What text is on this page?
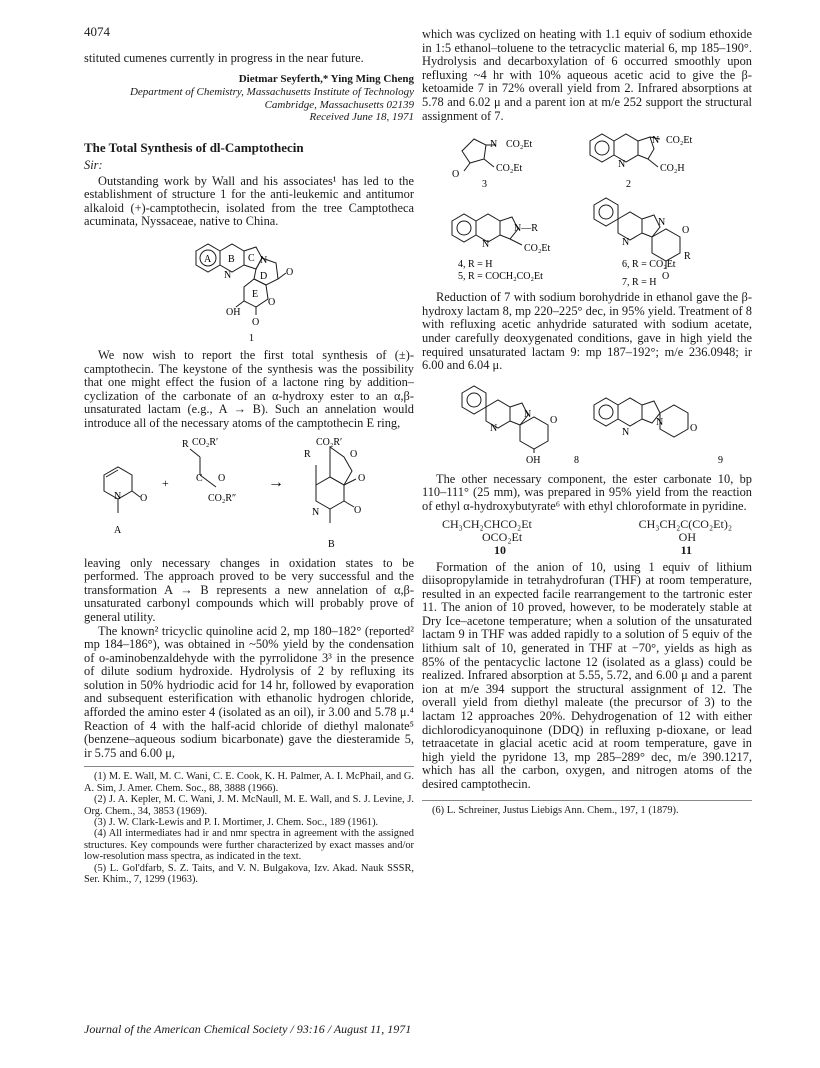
4074

stituted cumenes currently in progress in the near future.

Dietmar Seyferth,* Ying Ming Cheng
Department of Chemistry, Massachusetts Institute of Technology
Cambridge, Massachusetts 02139
Received June 18, 1971
The Total Synthesis of dl-Camptothecin
Sir:

Outstanding work by Wall and his associates¹ has led to the establishment of structure 1 for the anti-leukemic and antitumor alkaloid (+)-camptothecin, isolated from the tree Camptotheca acuminata, Nyssaceae, native to China.

A B C
D
E
N
N
O
O
O
OH
1

We now wish to report the first total synthesis of (±)-camptothecin. The keystone of the synthesis was the possibility that one might effect the fusion of a lactone ring by addition–cyclization of the carbonate of an α-hydroxy ester to an α,β-unsaturated lactam (e.g., A → B). Such an annelation would introduce all of the necessary atoms of the camptothecin E ring,

R CO₂R′
C O
CO₂R″
N O
A
+	→
R
CO₂R′
O
O
O
N
B

leaving only necessary changes in oxidation states to be performed. The approach proved to be very successful and the transformation A → B represents a new annelation of α,β-unsaturated carbonyl compounds which will probably prove of general utility.

The known² tricyclic quinoline acid 2, mp 180–182° (reported² mp 184–186°), was obtained in ~50% yield by the condensation of o-aminobenzaldehyde with the pyrrolidone 3³ in the presence of dilute sodium hydroxide. Hydrolysis of 2 by refluxing its solution in 50% hydriodic acid for 14 hr, followed by evaporation and subsequent esterification with ethanolic hydrogen chloride, afforded the amino ester 4 (isolated as an oil), ir 3.00 and 5.78 μ.⁴ Reaction of 4 with the half-acid chloride of diethyl malonate⁵ (benzene–aqueous sodium bicarbonate) gave the diesteramide 5, ir 5.75 and 6.00 μ,

(1) M. E. Wall, M. C. Wani, C. E. Cook, K. H. Palmer, A. I. McPhail, and G. A. Sim, J. Amer. Chem. Soc., 88, 3888 (1966).

(2) J. A. Kepler, M. C. Wani, J. M. McNaull, M. E. Wall, and S. J. Levine, J. Org. Chem., 34, 3853 (1969).

(3) J. W. Clark-Lewis and P. I. Mortimer, J. Chem. Soc., 189 (1961).

(4) All intermediates had ir and nmr spectra in agreement with the assigned structures. Key compounds were further characterized by exact masses and/or low-resolution mass spectra, as indicated in the text.

(5) L. Gol'dfarb, S. Z. Taits, and V. N. Bulgakova, Izv. Akad. Nauk SSSR, Ser. Khim., 7, 1299 (1963).

which was cyclized on heating with 1.1 equiv of sodium ethoxide in 1:5 ethanol–toluene to the tetracyclic material 6, mp 185–190°. Hydrolysis and decarboxylation of 6 occurred smoothly upon refluxing ~4 hr with 10% aqueous acetic acid to give the β-ketoamide 7 in 72% overall yield from 2. Infrared absorptions at 5.78 and 6.02 μ and a parent ion at m/e 252 support the structural assignment of 7.

N CO₂Et
CO₂Et
O
3
N
N CO₂Et
CO₂H
2
N
N—R
CO₂Et
4, R = H
5, R = COCH₂CO₂Et
N
N
O
O
R
6, R = CO₂Et
7, R = H

Reduction of 7 with sodium borohydride in ethanol gave the β-hydroxy lactam 8, mp 220–225° dec, in 95% yield. Treatment of 8 with refluxing acetic anhydride saturated with sodium acetate, under carefully deoxygenated conditions, gave in high yield the required unsaturated lactam 9: mp 187–192°; m/e 236.0948; ir 6.00 and 6.04 μ.

N
N
O
OH	8
N
N
O
9

The other necessary component, the ester carbonate 10, bp 110–111° (25 mm), was prepared in 95% yield from the reaction of ethyl α-hydroxybutyrate⁶ with ethyl chloroformate in pyridine.

CH₃CH₂CHCO₂Et	CH₃CH₂C(CO₂Et)₂
OCO₂Et	OH
10	11

Formation of the anion of 10, using 1 equiv of lithium diisopropylamide in tetrahydrofuran (THF) at room temperature, resulted in an expected facile rearrangement to the tartronic ester 11. The anion of 10 proved, however, to be moderately stable at Dry Ice–acetone temperature; when a solution of the unsaturated lactam 9 in THF was added rapidly to a solution of 5 equiv of the lithium salt of 10, generated in THF at −70°, yields as high as 85% of the pentacyclic lactone 12 (isolated as a glass) could be realized. Infrared absorption at 5.55, 5.72, and 6.00 μ and a parent ion at m/e 394 support the structural assignment of 12. The overall yield from diethyl maleate (the precursor of 3) to the lactam 12 approaches 20%. Dehydrogenation of 12 with either dichlorodicyanoquinone (DDQ) in refluxing p-dioxane, or lead tetraacetate in glacial acetic acid at room temperature, gave in high yield the pyridone 13, mp 285–289° dec, m/e 390.1217, which has all the carbon, oxygen, and nitrogen atoms of the desired camptothecin.

(6) L. Schreiner, Justus Liebigs Ann. Chem., 197, 1 (1879).
Journal of the American Chemical Society / 93:16 / August 11, 1971
